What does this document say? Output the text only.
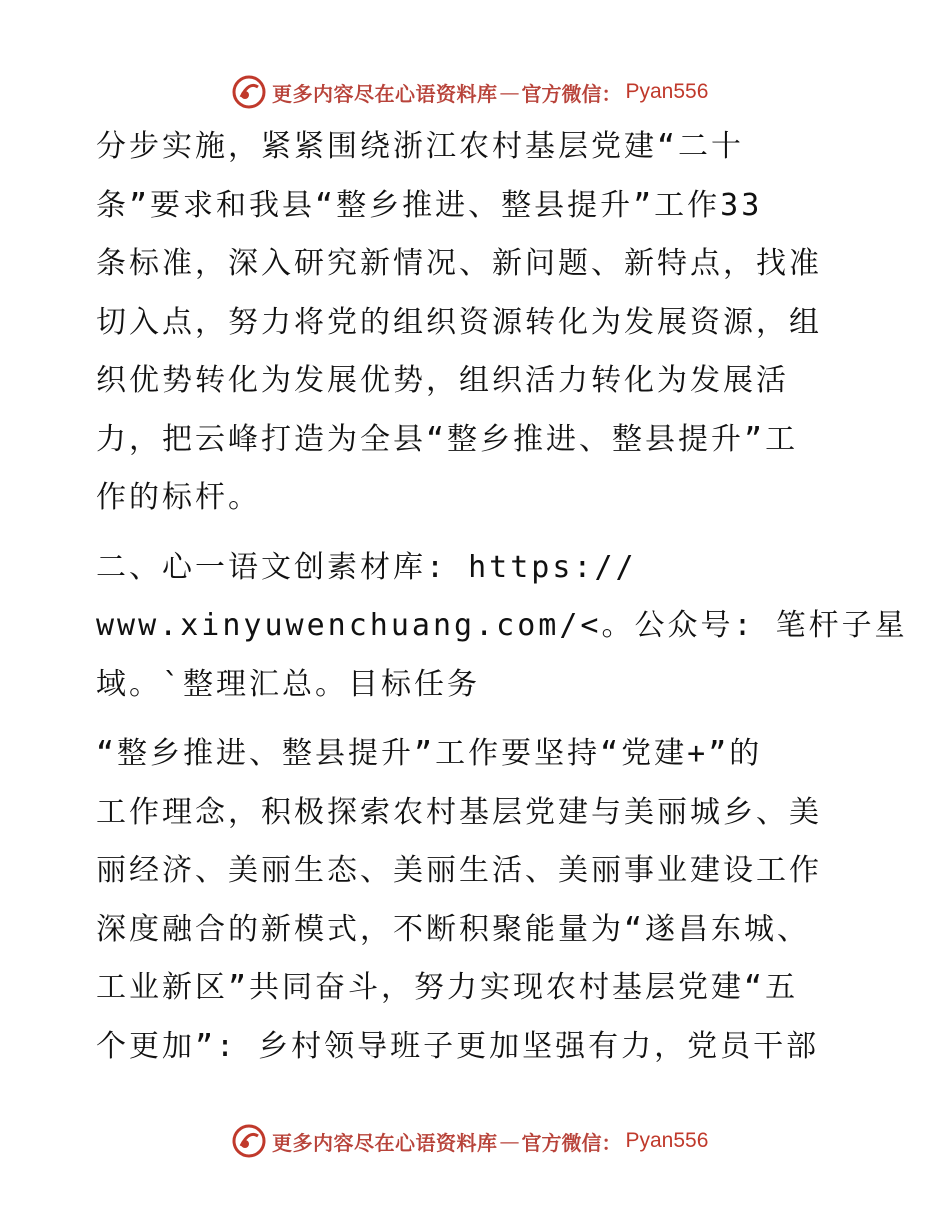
更多内容尽在心语资料库 — 官方微信： Pyan556
分步实施，紧紧围绕浙江农村基层党建“二十
条”要求和我县“整乡推进、整县提升”工作33
条标准，深入研究新情况、新问题、新特点，找准
切入点，努力将党的组织资源转化为发展资源，组
织优势转化为发展优势，组织活力转化为发展活
力，把云峰打造为全县“整乡推进、整县提升”工
作的标杆。
二、心一语文创素材库: https://
www.xinyuwenchuang.com/<。公众号: 笔杆子星
域。`整理汇总。目标任务
“整乡推进、整县提升”工作要坚持“党建+”的
工作理念，积极探索农村基层党建与美丽城乡、美
丽经济、美丽生态、美丽生活、美丽事业建设工作
深度融合的新模式，不断积聚能量为“遂昌东城、
工业新区”共同奋斗，努力实现农村基层党建“五
个更加”: 乡村领导班子更加坚强有力，党员干部
更多内容尽在心语资料库 — 官方微信： Pyan556
